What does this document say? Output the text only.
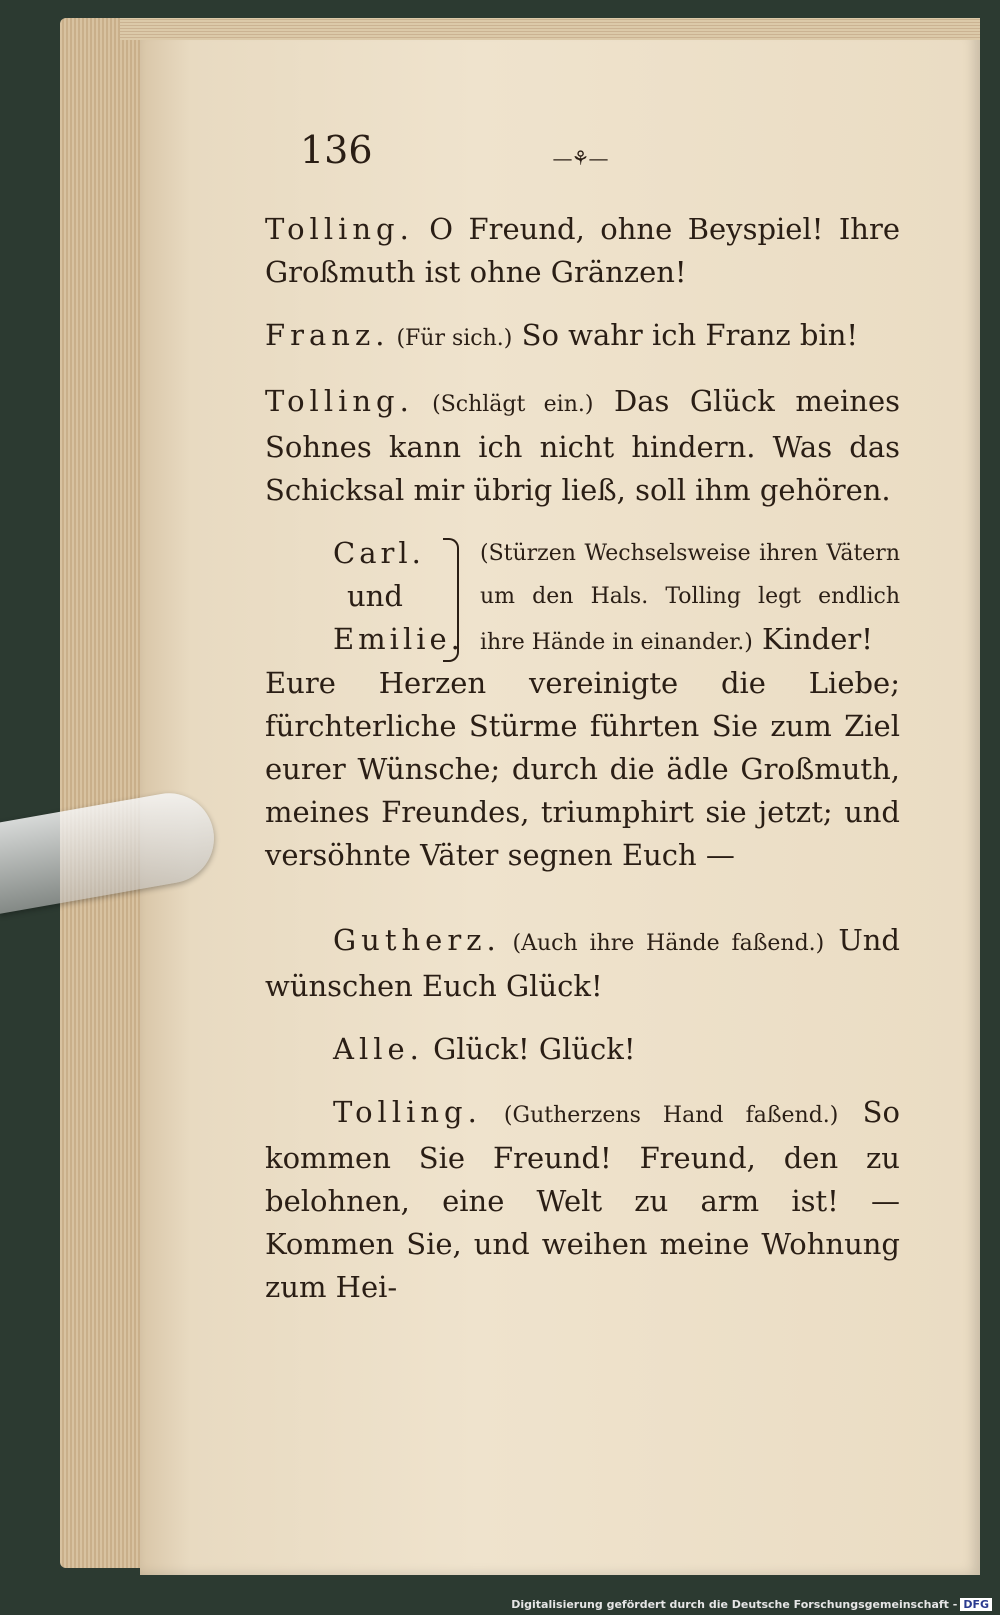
136	—⚘—

Tolling. O Freund, ohne Beyspiel! Ihre Großmuth ist ohne Gränzen!

Franz. (Für sich.) So wahr ich Franz bin!

Tolling. (Schlägt ein.) Das Glück meines Sohnes kann ich nicht hindern. Was das Schicksal mir übrig ließ, soll ihm gehören.

Carl.
und
Emilie.
(Stürzen Wechselsweise ihren Vätern um den Hals. Tolling legt endlich ihre Hände in einander.) Kinder!

Eure Herzen vereinigte die Liebe; fürchterliche Stürme führten Sie zum Ziel eurer Wünsche; durch die ädle Großmuth, meines Freundes, triumphirt sie jetzt; und versöhnte Väter segnen Euch —

Gutherz. (Auch ihre Hände faßend.) Und wünschen Euch Glück!

Alle. Glück! Glück!

Tolling. (Gutherzens Hand faßend.) So kommen Sie Freund! Freund, den zu belohnen, eine Welt zu arm ist! — Kommen Sie, und weihen meine Wohnung zum Hei-

Digitalisierung gefördert durch die Deutsche Forschungsgemeinschaft - DFG
